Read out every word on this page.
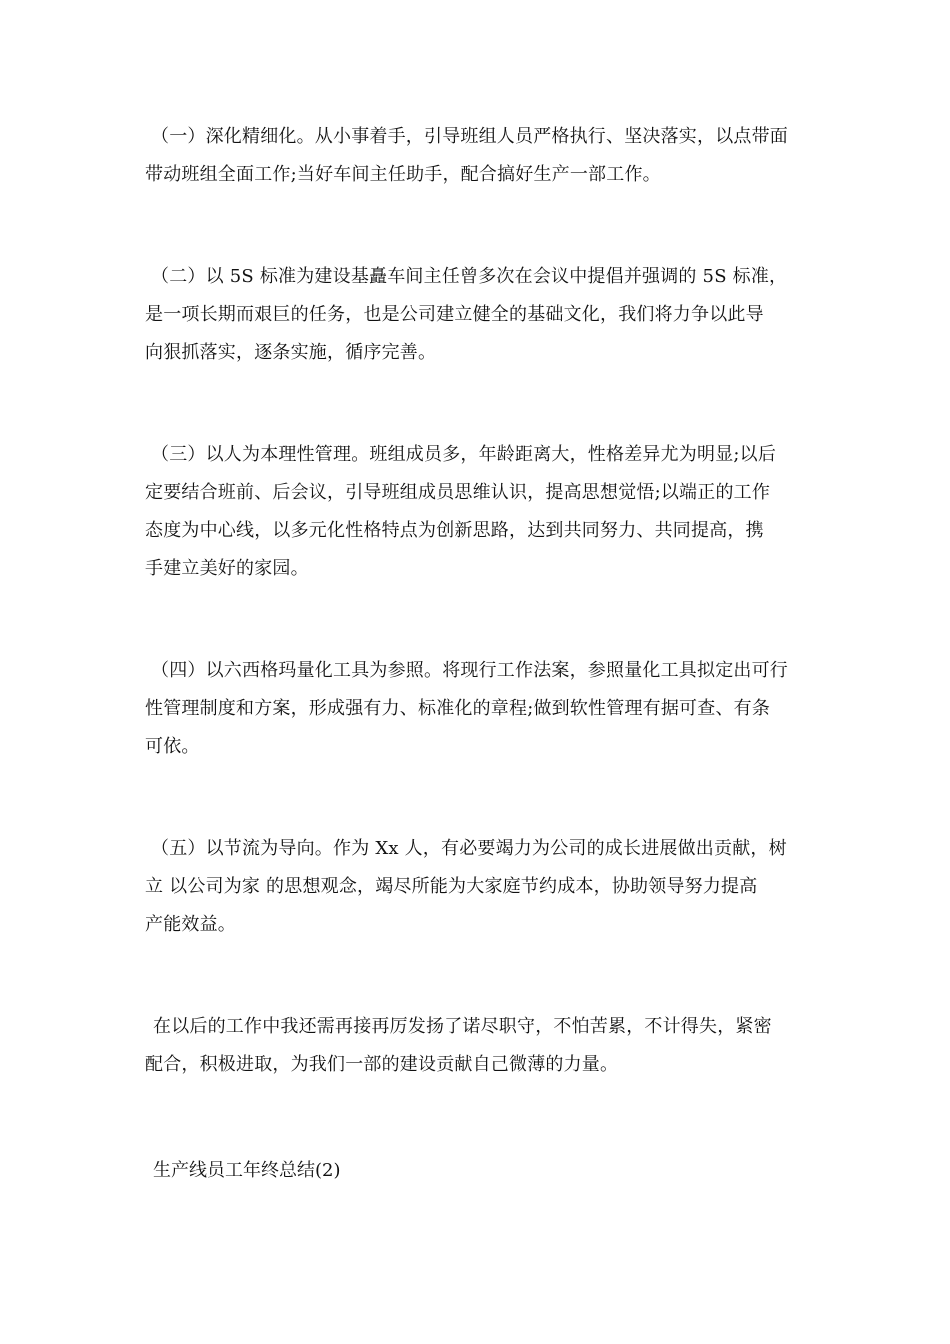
（一）深化精细化。从小事着手，引导班组人员严格执行、坚决落实，以点带面
带动班组全面工作;当好车间主任助手，配合搞好生产一部工作。

（二）以 5S 标准为建设基矗车间主任曾多次在会议中提倡并强调的 5S 标准，
是一项长期而艰巨的任务，也是公司建立健全的基础文化，我们将力争以此导
向狠抓落实，逐条实施，循序完善。

（三）以人为本理性管理。班组成员多，年龄距离大，性格差异尤为明显;以后
定要结合班前、后会议，引导班组成员思维认识，提高思想觉悟;以端正的工作
态度为中心线，以多元化性格特点为创新思路，达到共同努力、共同提高，携
手建立美好的家园。

（四）以六西格玛量化工具为参照。将现行工作法案，参照量化工具拟定出可行
性管理制度和方案，形成强有力、标准化的章程;做到软性管理有据可查、有条
可依。

（五）以节流为导向。作为 Xx 人，有必要竭力为公司的成长进展做出贡献，树
立 以公司为家 的思想观念，竭尽所能为大家庭节约成本，协助领导努力提高
产能效益。

在以后的工作中我还需再接再厉发扬了诺尽职守，不怕苦累，不计得失，紧密
配合，积极进取，为我们一部的建设贡献自己微薄的力量。

生产线员工年终总结(2)
